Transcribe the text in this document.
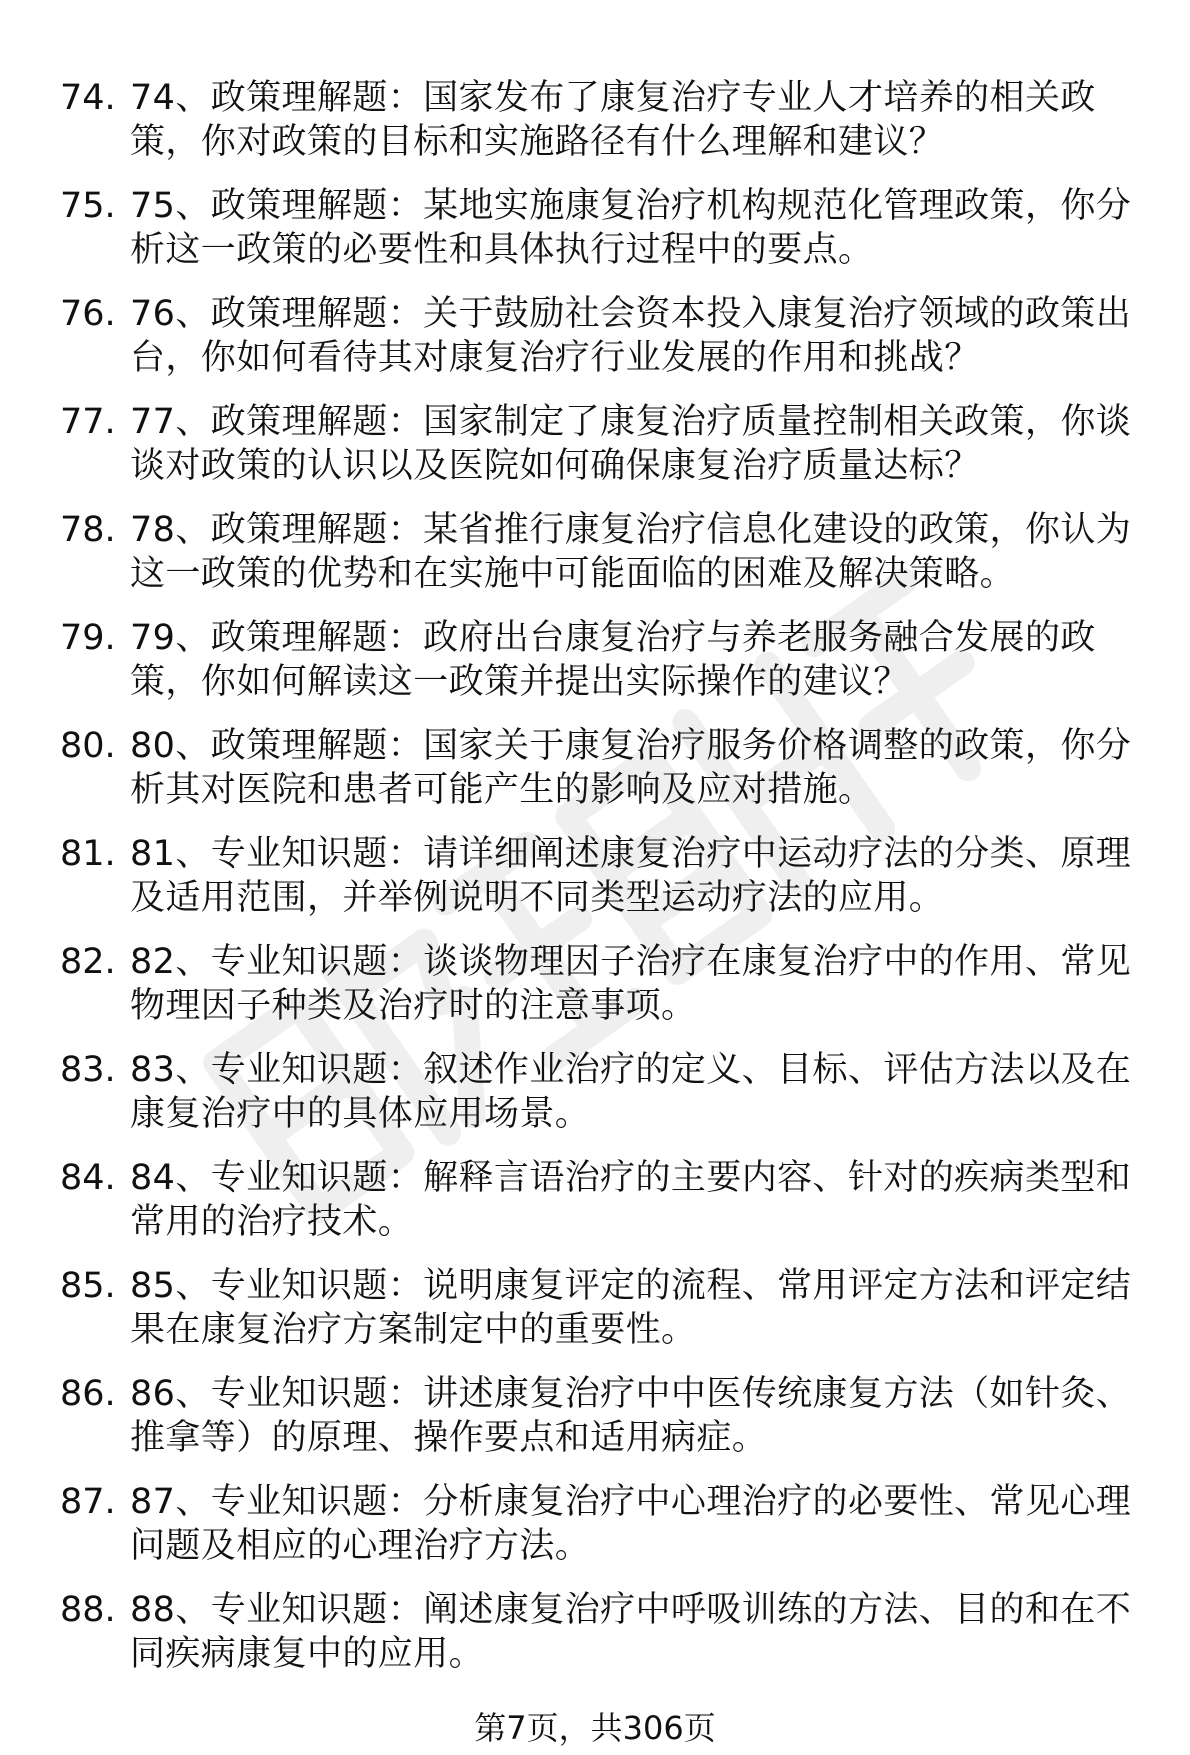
74. 74、政策理解题：国家发布了康复治疗专业人才培养的相关政策，你对政策的目标和实施路径有什么理解和建议？
75. 75、政策理解题：某地实施康复治疗机构规范化管理政策，你分析这一政策的必要性和具体执行过程中的要点。
76. 76、政策理解题：关于鼓励社会资本投入康复治疗领域的政策出台，你如何看待其对康复治疗行业发展的作用和挑战？
77. 77、政策理解题：国家制定了康复治疗质量控制相关政策，你谈谈对政策的认识以及医院如何确保康复治疗质量达标？
78. 78、政策理解题：某省推行康复治疗信息化建设的政策，你认为这一政策的优势和在实施中可能面临的困难及解决策略。
79. 79、政策理解题：政府出台康复治疗与养老服务融合发展的政策，你如何解读这一政策并提出实际操作的建议？
80. 80、政策理解题：国家关于康复治疗服务价格调整的政策，你分析其对医院和患者可能产生的影响及应对措施。
81. 81、专业知识题：请详细阐述康复治疗中运动疗法的分类、原理及适用范围，并举例说明不同类型运动疗法的应用。
82. 82、专业知识题：谈谈物理因子治疗在康复治疗中的作用、常见物理因子种类及治疗时的注意事项。
83. 83、专业知识题：叙述作业治疗的定义、目标、评估方法以及在康复治疗中的具体应用场景。
84. 84、专业知识题：解释言语治疗的主要内容、针对的疾病类型和常用的治疗技术。
85. 85、专业知识题：说明康复评定的流程、常用评定方法和评定结果在康复治疗方案制定中的重要性。
86. 86、专业知识题：讲述康复治疗中中医传统康复方法（如针灸、推拿等）的原理、操作要点和适用病症。
87. 87、专业知识题：分析康复治疗中心理治疗的必要性、常见心理问题及相应的心理治疗方法。
88. 88、专业知识题：阐述康复治疗中呼吸训练的方法、目的和在不同疾病康复中的应用。
第7页，共306页
